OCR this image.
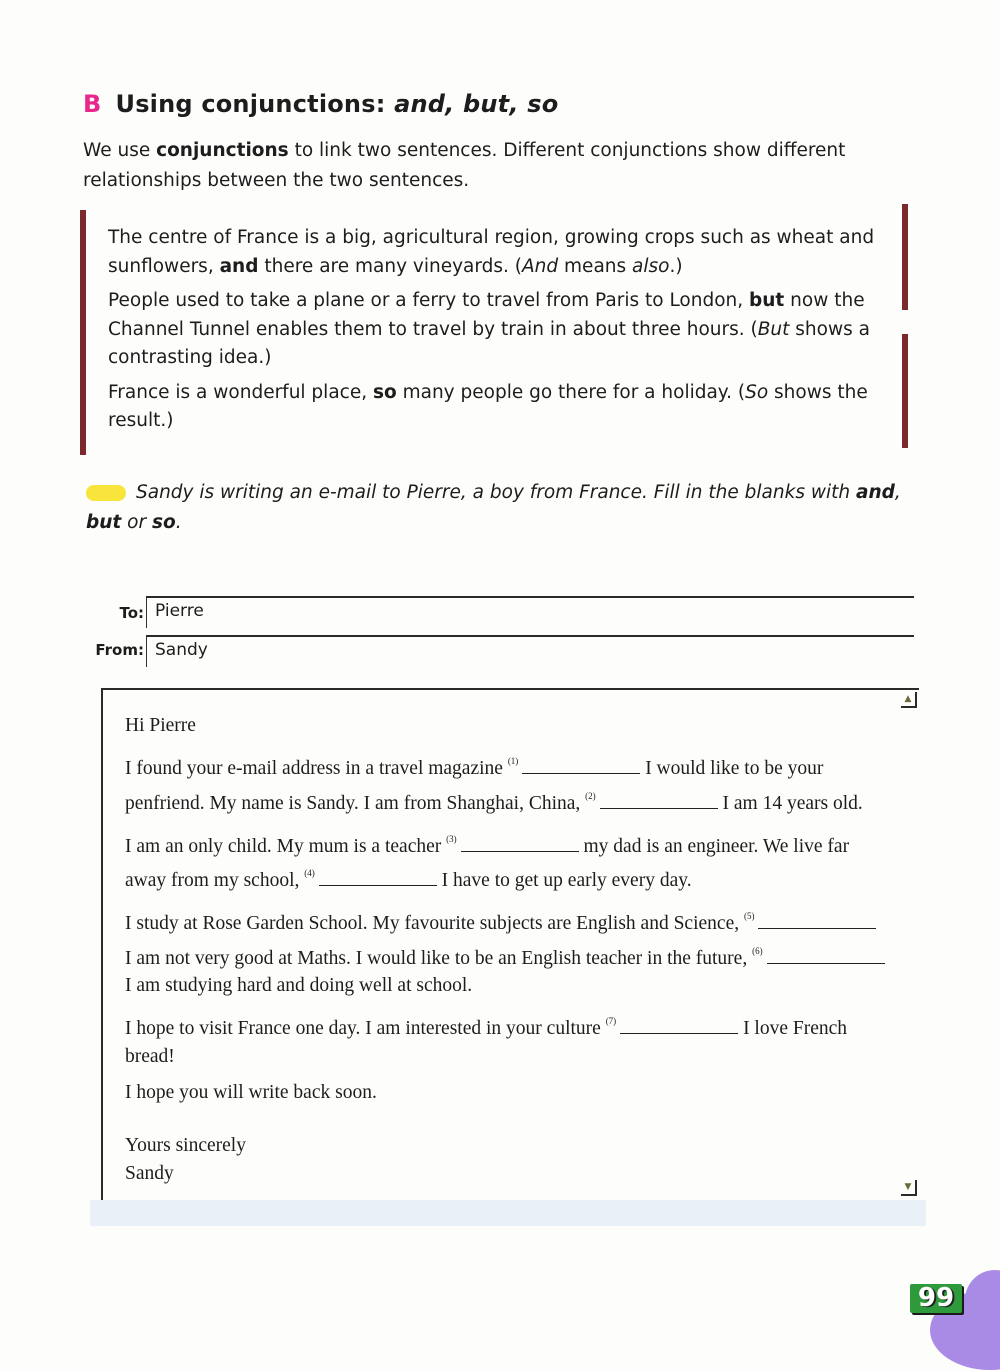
B Using conjunctions: and, but, so
We use conjunctions to link two sentences. Different conjunctions show different relationships between the two sentences.

The centre of France is a big, agricultural region, growing crops such as wheat and sunflowers, and there are many vineyards. (And means also.)

People used to take a plane or a ferry to travel from Paris to London, but now the Channel Tunnel enables them to travel by train in about three hours. (But shows a contrasting idea.)

France is a wonderful place, so many people go there for a holiday. (So shows the result.)

Sandy is writing an e-mail to Pierre, a boy from France. Fill in the blanks with and, but or so.
To: Pierre
From: Sandy
▲
▼

Hi Pierre

I found your e-mail address in a travel magazine $^{(1)}$	I would like to be your penfriend. My name is Sandy. I am from Shanghai, China, $^{(2)}$	I am 14 years old.

I am an only child. My mum is a teacher $^{(3)}$	my dad is an engineer. We live far away from my school, $^{(4)}$	I have to get up early every day.

I study at Rose Garden School. My favourite subjects are English and Science, $^{(5)}$ I am not very good at Maths. I would like to be an English teacher in the future, $^{(6)}$ I am studying hard and doing well at school.

I hope to visit France one day. I am interested in your culture $^{(7)}$	I love French bread!

I hope you will write back soon.

Yours sincerely

Sandy

99
